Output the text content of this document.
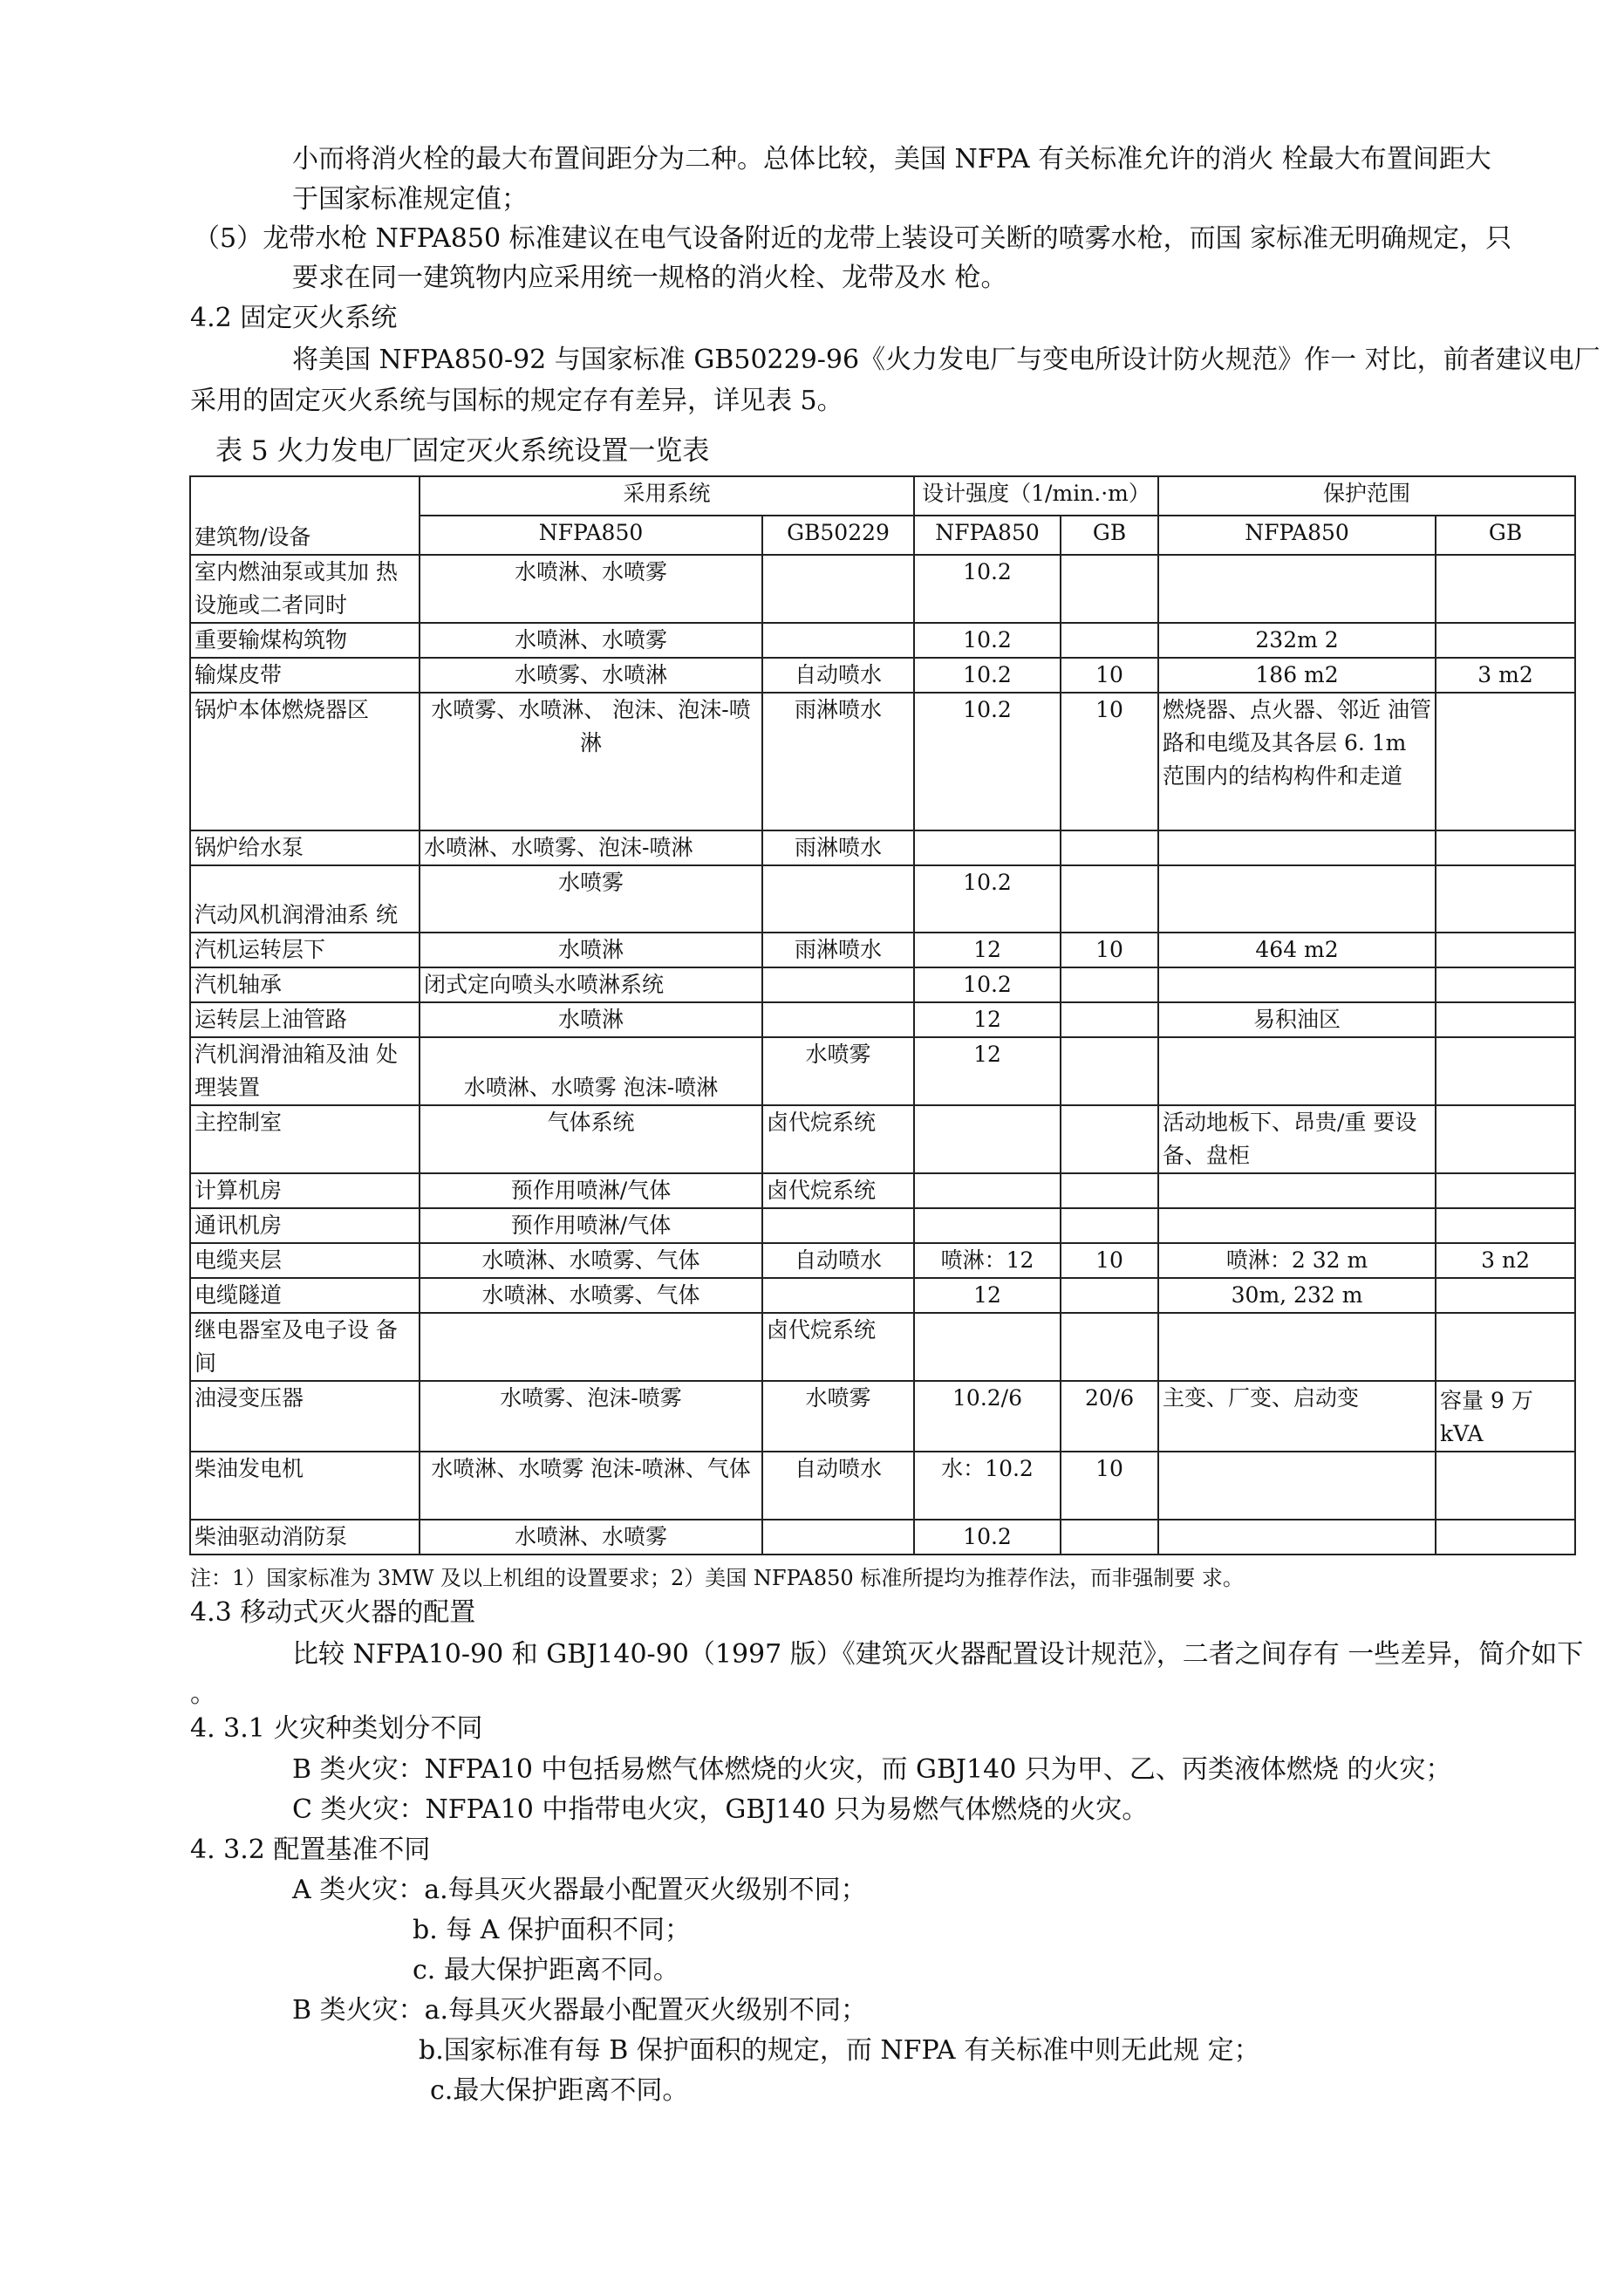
小而将消火栓的最大布置间距分为二种。总体比较，美国 NFPA 有关标准允许的消火 栓最大布置间距大
于国家标准规定值；
（5）龙带水枪 NFPA850 标准建议在电气设备附近的龙带上装设可关断的喷雾水枪，而国 家标准无明确规定，只
要求在同一建筑物内应采用统一规格的消火栓、龙带及水 枪。
4.2 固定灭火系统
将美国 NFPA850-92 与国家标准 GB50229-96《火力发电厂与变电所设计防火规范》作一 对比，前者建议电厂
采用的固定灭火系统与国标的规定存有差异，详见表 5。
表 5 火力发电厂固定灭火系统设置一览表
建筑物/设备	采用系统		设计强度（1/min.·m）		保护范围	
	NFPA850	GB50229	NFPA850	GB	NFPA850	GB
室内燃油泵或其加 热设施或二者同时	水喷淋、水喷雾		10.2			
重要输煤构筑物	水喷淋、水喷雾		10.2		232m 2	
输煤皮带	水喷雾、水喷淋	自动喷水	10.2	10	186 m2	3 m2
锅炉本体燃烧器区	水喷雾、水喷淋、 泡沫、泡沫-喷淋	雨淋喷水	10.2	10	燃烧器、点火器、邻近 油管路和电缆及其各层 6. 1m 范围内的结构构件和走道	
锅炉给水泵	水喷淋、水喷雾、泡沫-喷淋	雨淋喷水				
汽动风机润滑油系 统	水喷雾		10.2			
汽机运转层下	水喷淋	雨淋喷水	12	10	464 m2	
汽机轴承	闭式定向喷头水喷淋系统		10.2			
运转层上油管路	水喷淋		12		易积油区	
汽机润滑油箱及油 处理装置	水喷淋、水喷雾 泡沫-喷淋	水喷雾	12			
主控制室	气体系统	卤代烷系统			活动地板下、昂贵/重 要设备、盘柜	
计算机房	预作用喷淋/气体	卤代烷系统				
通讯机房	预作用喷淋/气体					
电缆夹层	水喷淋、水喷雾、气体	自动喷水	喷淋：12	10	喷淋：2 32 m	3 n2
电缆隧道	水喷淋、水喷雾、气体		12		30m, 232 m	
继电器室及电子设 备间		卤代烷系统				
油浸变压器	水喷雾、泡沫-喷雾	水喷雾	10.2/6	20/6	主变、厂变、启动变	容量 9 万 kVA
柴油发电机	水喷淋、水喷雾 泡沫-喷淋、气体	自动喷水	水：10.2	10		
柴油驱动消防泵	水喷淋、水喷雾		10.2			
注：1）国家标准为 3MW 及以上机组的设置要求；2）美国 NFPA850 标准所提均为推荐作法，而非强制要 求。
4.3 移动式灭火器的配置
比较 NFPA10-90 和 GBJ140-90（1997 版）《建筑灭火器配置设计规范》，二者之间存有 一些差异，简介如下
。
4. 3.1 火灾种类划分不同
B 类火灾：NFPA10 中包括易燃气体燃烧的火灾，而 GBJ140 只为甲、乙、丙类液体燃烧 的火灾；
C 类火灾：NFPA10 中指带电火灾，GBJ140 只为易燃气体燃烧的火灾。
4. 3.2 配置基准不同
A 类火灾：a.每具灭火器最小配置灭火级别不同；
b. 每 A 保护面积不同；
c. 最大保护距离不同。
B 类火灾：a.每具灭火器最小配置灭火级别不同；
b.国家标准有每 B 保护面积的规定，而 NFPA 有关标准中则无此规 定；
c.最大保护距离不同。
